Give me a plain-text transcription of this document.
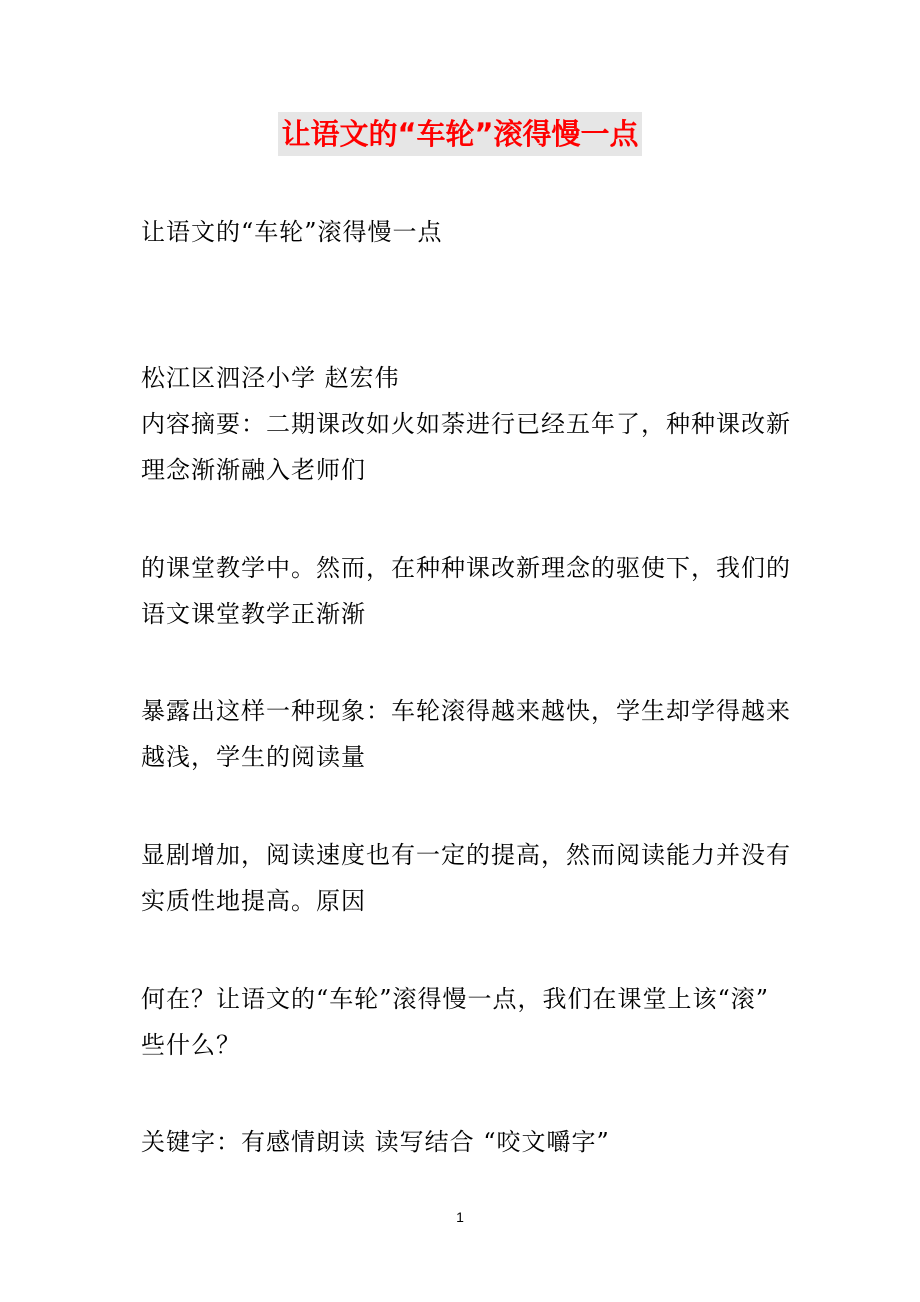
让语文的“车轮”滚得慢一点

让语文的“车轮”滚得慢一点

松江区泗泾小学 赵宏伟

内容摘要：二期课改如火如荼进行已经五年了，种种课改新

理念渐渐融入老师们

的课堂教学中。然而，在种种课改新理念的驱使下，我们的

语文课堂教学正渐渐

暴露出这样一种现象：车轮滚得越来越快，学生却学得越来

越浅，学生的阅读量

显剧增加，阅读速度也有一定的提高，然而阅读能力并没有

实质性地提高。原因

何在？让语文的“车轮”滚得慢一点，我们在课堂上该“滚”

些什么？

关键字：有感情朗读 读写结合 “咬文嚼字”

1
